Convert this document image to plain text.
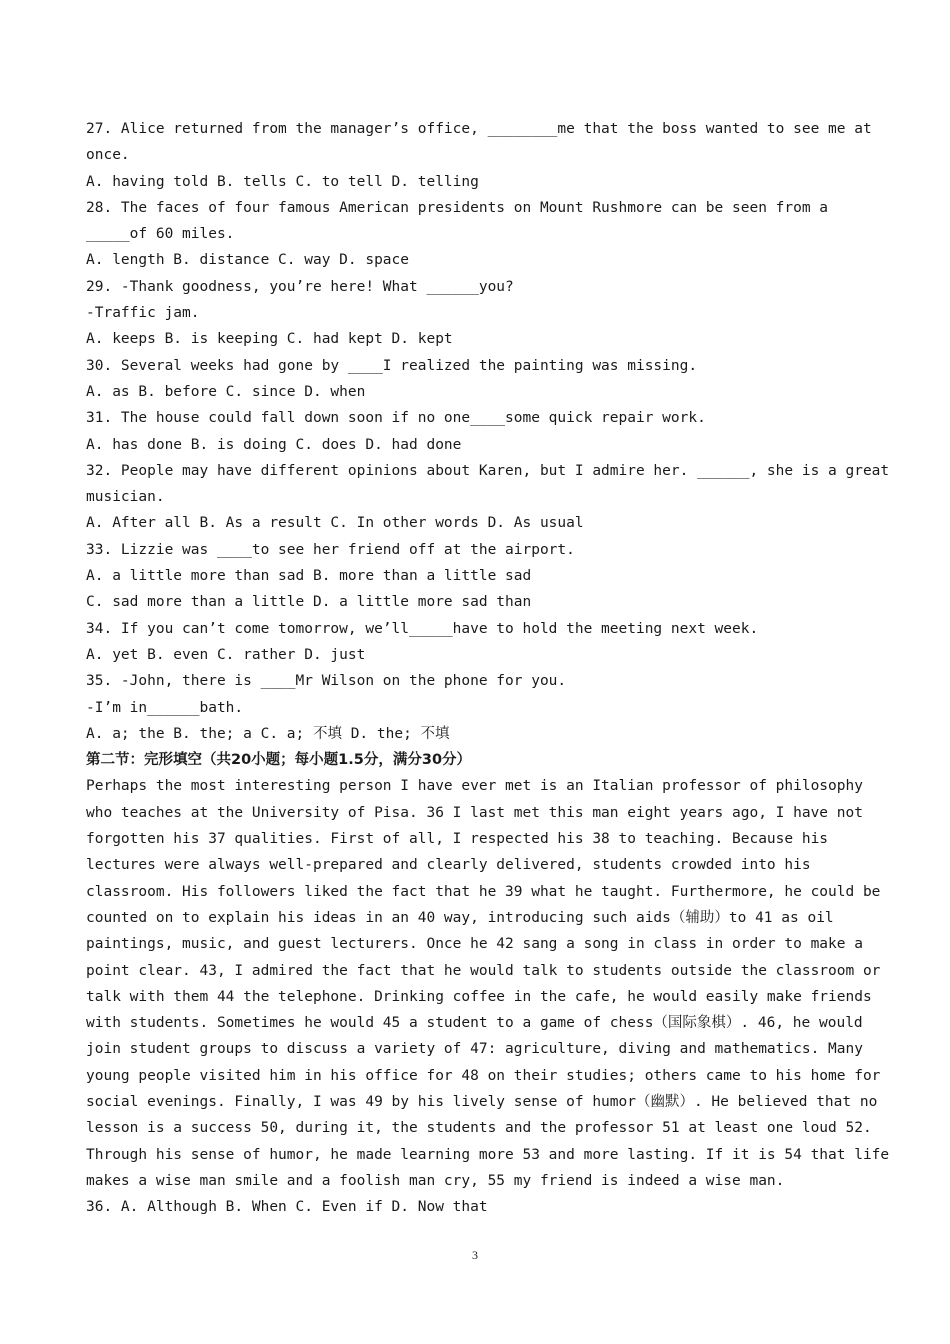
27. Alice returned from the manager’s office, ________me that the boss wanted to see me at
once.
A. having told B. tells C. to tell D. telling
28. The faces of four famous American presidents on Mount Rushmore can be seen from a
_____of 60 miles.
A. length B. distance C. way D. space
29. -Thank goodness, you’re here! What ______you?
-Traffic jam.
A. keeps B. is keeping C. had kept D. kept
30. Several weeks had gone by ____I realized the painting was missing.
A. as B. before C. since D. when
31. The house could fall down soon if no one____some quick repair work.
A. has done B. is doing C. does D. had done
32. People may have different opinions about Karen, but I admire her. ______, she is a great
musician.
A. After all B. As a result C. In other words D. As usual
33. Lizzie was ____to see her friend off at the airport.
A. a little more than sad B. more than a little sad
C. sad more than a little D. a little more sad than
34. If you can’t come tomorrow, we’ll_____have to hold the meeting next week.
A. yet B. even C. rather D. just
35. -John, there is ____Mr Wilson on the phone for you.
-I’m in______bath.
A. a; the B. the; a C. a; 不填 D. the; 不填
第二节：完形填空（共20小题；每小题1.5分，满分30分）
Perhaps the most interesting person I have ever met is an Italian professor of philosophy
who teaches at the University of Pisa. 36 I last met this man eight years ago, I have not
forgotten his 37 qualities. First of all, I respected his 38 to teaching. Because his
lectures were always well-prepared and clearly delivered, students crowded into his
classroom. His followers liked the fact that he 39 what he taught. Furthermore, he could be
counted on to explain his ideas in an 40 way, introducing such aids（辅助）to 41 as oil
paintings, music, and guest lecturers. Once he 42 sang a song in class in order to make a
point clear. 43, I admired the fact that he would talk to students outside the classroom or
talk with them 44 the telephone. Drinking coffee in the cafe, he would easily make friends
with students. Sometimes he would 45 a student to a game of chess（国际象棋）. 46, he would
join student groups to discuss a variety of 47: agriculture, diving and mathematics. Many
young people visited him in his office for 48 on their studies; others came to his home for
social evenings. Finally, I was 49 by his lively sense of humor（幽默）. He believed that no
lesson is a success 50, during it, the students and the professor 51 at least one loud 52.
Through his sense of humor, he made learning more 53 and more lasting. If it is 54 that life
makes a wise man smile and a foolish man cry, 55 my friend is indeed a wise man.
36. A. Although B. When C. Even if D. Now that
3
